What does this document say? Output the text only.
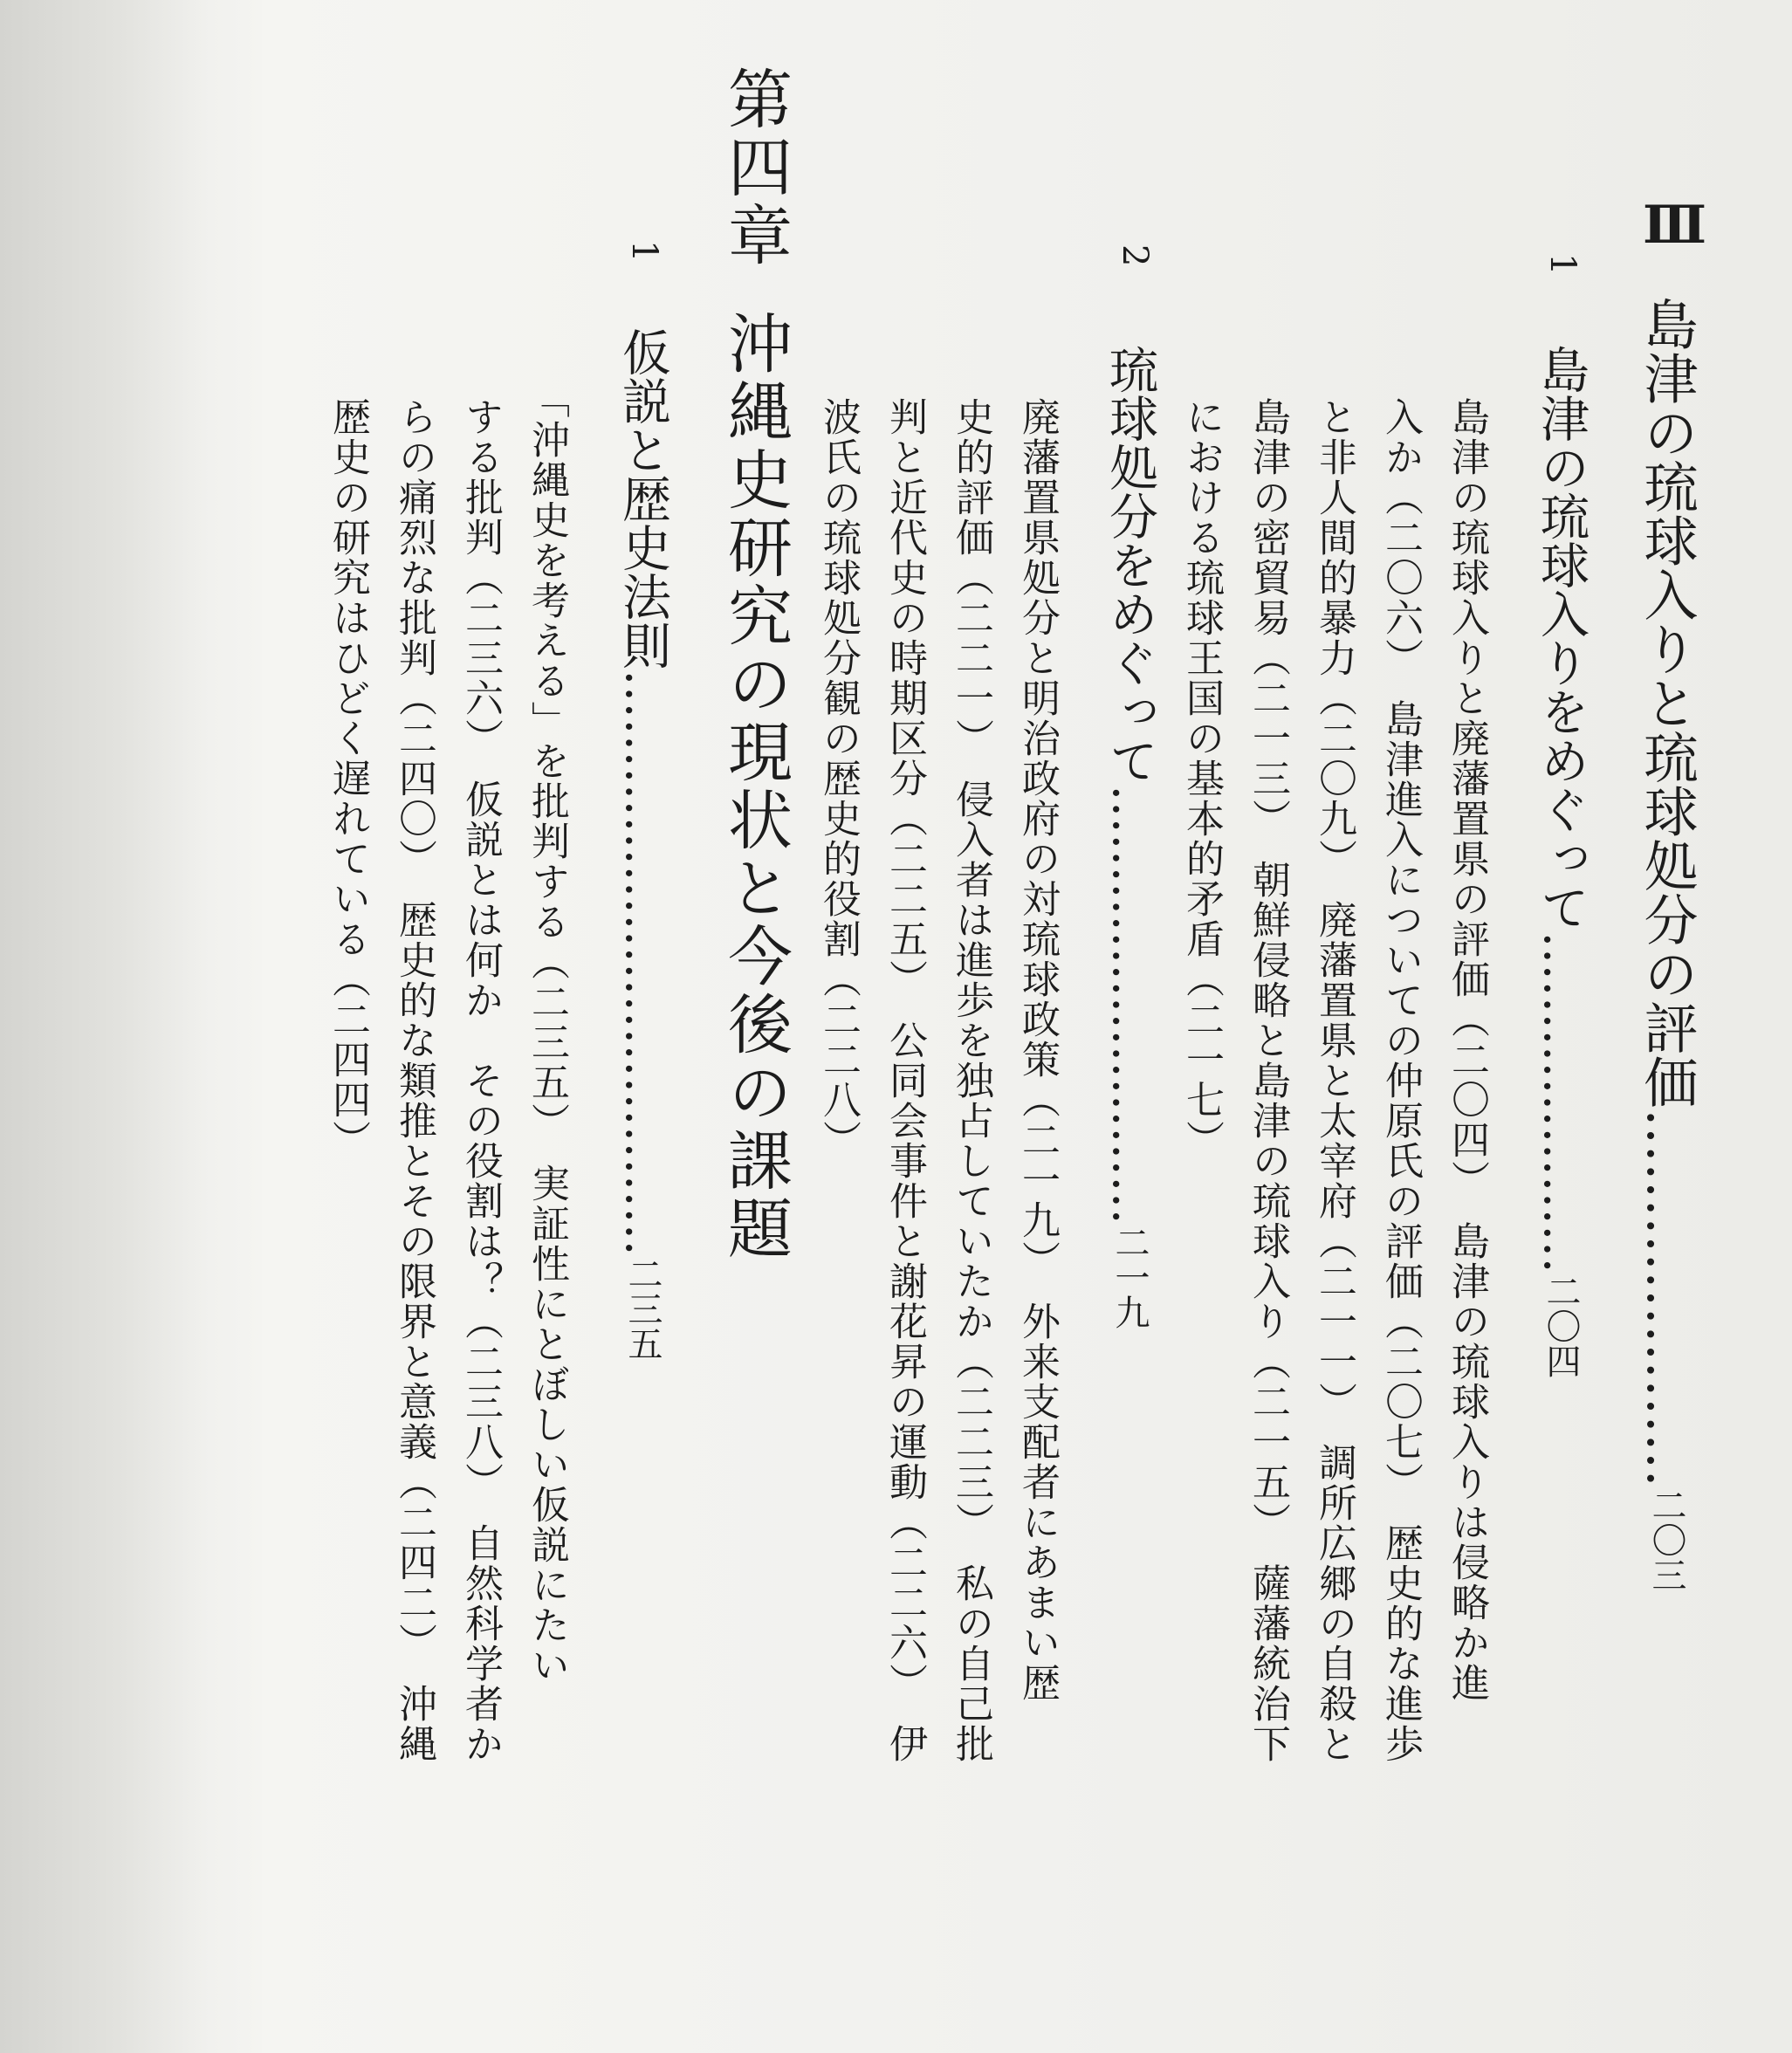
Ⅲ
島津の琉球入りと琉球処分の評価…………………二〇三
1
島津の琉球入りをめぐって…………………二〇四
島津の琉球入りと廃藩置県の評価（二〇四）　島津の琉球入りは侵略か進
入か（二〇六）　島津進入についての仲原氏の評価（二〇七）　歴史的な進歩
と非人間的暴力（二〇九）　廃藩置県と太宰府（二一一）　調所広郷の自殺と
島津の密貿易（二一三）　朝鮮侵略と島津の琉球入り（二一五）　薩藩統治下
における琉球王国の基本的矛盾（二一七）
2
琉球処分をめぐって………………………二一九
廃藩置県処分と明治政府の対琉球政策（二一九）　外来支配者にあまい歴
史的評価（二二一）　侵入者は進歩を独占していたか（二二三）　私の自己批
判と近代史の時期区分（二二五）　公同会事件と謝花昇の運動（二二六）　伊
波氏の琉球処分観の歴史的役割（二二八）
第四章
沖縄史研究の現状と今後の課題
1
仮説と歴史法則………………………………二三五
「沖縄史を考える」を批判する（二三五）　実証性にとぼしい仮説にたい
する批判（二三六）　仮説とは何か　その役割は？（二三八）　自然科学者か
らの痛烈な批判（二四〇）　歴史的な類推とその限界と意義（二四二）　沖縄
歴史の研究はひどく遅れている（二四四）
